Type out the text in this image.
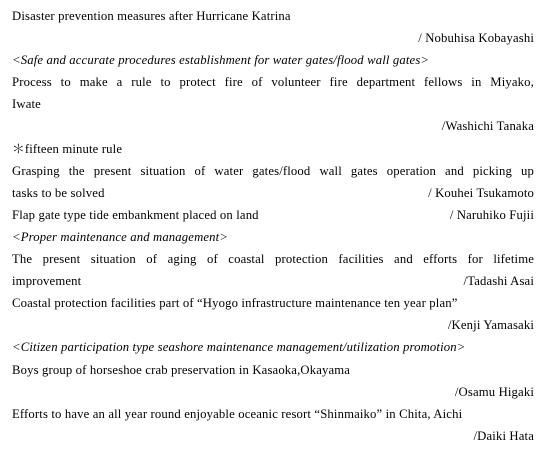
Disaster prevention measures after Hurricane Katrina
/ Nobuhisa Kobayashi
<Safe and accurate procedures establishment for water gates/flood wall gates>
Process to make a rule to protect fire of volunteer fire department fellows in Miyako,
Iwate
/Washichi Tanaka
＊fifteen minute rule
Grasping the present situation of water gates/flood wall gates operation and picking up
tasks to be solved	/ Kouhei Tsukamoto
Flap gate type tide embankment placed on land	/ Naruhiko Fujii
<Proper maintenance and management>
The present situation of aging of coastal protection facilities and efforts for lifetime
improvement	/Tadashi Asai
Coastal protection facilities part of “Hyogo infrastructure maintenance ten year plan”
/Kenji Yamasaki
<Citizen participation type seashore maintenance management/utilization promotion>
Boys group of horseshoe crab preservation in Kasaoka,Okayama
/Osamu Higaki
Efforts to have an all year round enjoyable oceanic resort “Shinmaiko” in Chita, Aichi
/Daiki Hata
